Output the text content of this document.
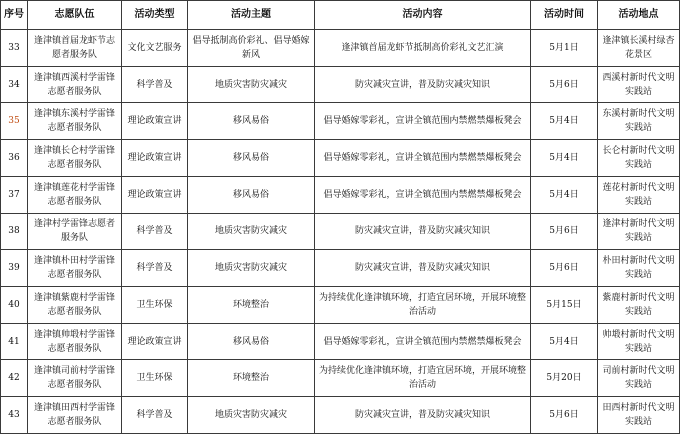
序号	志愿队伍	活动类型	活动主题	活动内容	活动时间	活动地点
33	逢津镇首届龙虾节志愿者服务队	文化文艺服务	倡导抵制高价彩礼、倡导婚嫁新风	逢津镇首届龙虾节抵制高价彩礼文艺汇演	5月1日	逢津镇长溪村绿杏花景区
34	逢津镇西溪村学雷锋志愿者服务队	科学普及	地质灾害防灾减灾	防灾减灾宣讲，普及防灾减灾知识	5月6日	西溪村新时代文明实践站
35	逢津镇东溪村学雷锋志愿者服务队	理论政策宣讲	移风易俗	倡导婚嫁零彩礼，宣讲全镇范围内禁燃禁爆板凳会	5月4日	东溪村新时代文明实践站
36	逢津镇长仑村学雷锋志愿者服务队	理论政策宣讲	移风易俗	倡导婚嫁零彩礼，宣讲全镇范围内禁燃禁爆板凳会	5月4日	长仑村新时代文明实践站
37	逢津镇莲花村学雷锋志愿者服务队	理论政策宣讲	移风易俗	倡导婚嫁零彩礼，宣讲全镇范围内禁燃禁爆板凳会	5月4日	莲花村新时代文明实践站
38	逢津村学雷锋志愿者服务队	科学普及	地质灾害防灾减灾	防灾减灾宣讲，普及防灾减灾知识	5月6日	逢津村新时代文明实践站
39	逢津镇朴田村学雷锋志愿者服务队	科学普及	地质灾害防灾减灾	防灾减灾宣讲，普及防灾减灾知识	5月6日	朴田村新时代文明实践站
40	逢津镇紫鹿村学雷锋志愿者服务队	卫生环保	环境整治	为持续优化逢津镇环境，打造宜居环境，开展环境整治活动	5月15日	紫鹿村新时代文明实践站
41	逢津镇帅塅村学雷锋志愿者服务队	理论政策宣讲	移风易俗	倡导婚嫁零彩礼，宣讲全镇范围内禁燃禁爆板凳会	5月4日	帅塅村新时代文明实践站
42	逢津镇司前村学雷锋志愿者服务队	卫生环保	环境整治	为持续优化逢津镇环境，打造宜居环境，开展环境整治活动	5月20日	司前村新时代文明实践站
43	逢津镇田西村学雷锋志愿者服务队	科学普及	地质灾害防灾减灾	防灾减灾宣讲，普及防灾减灾知识	5月6日	田西村新时代文明实践站
